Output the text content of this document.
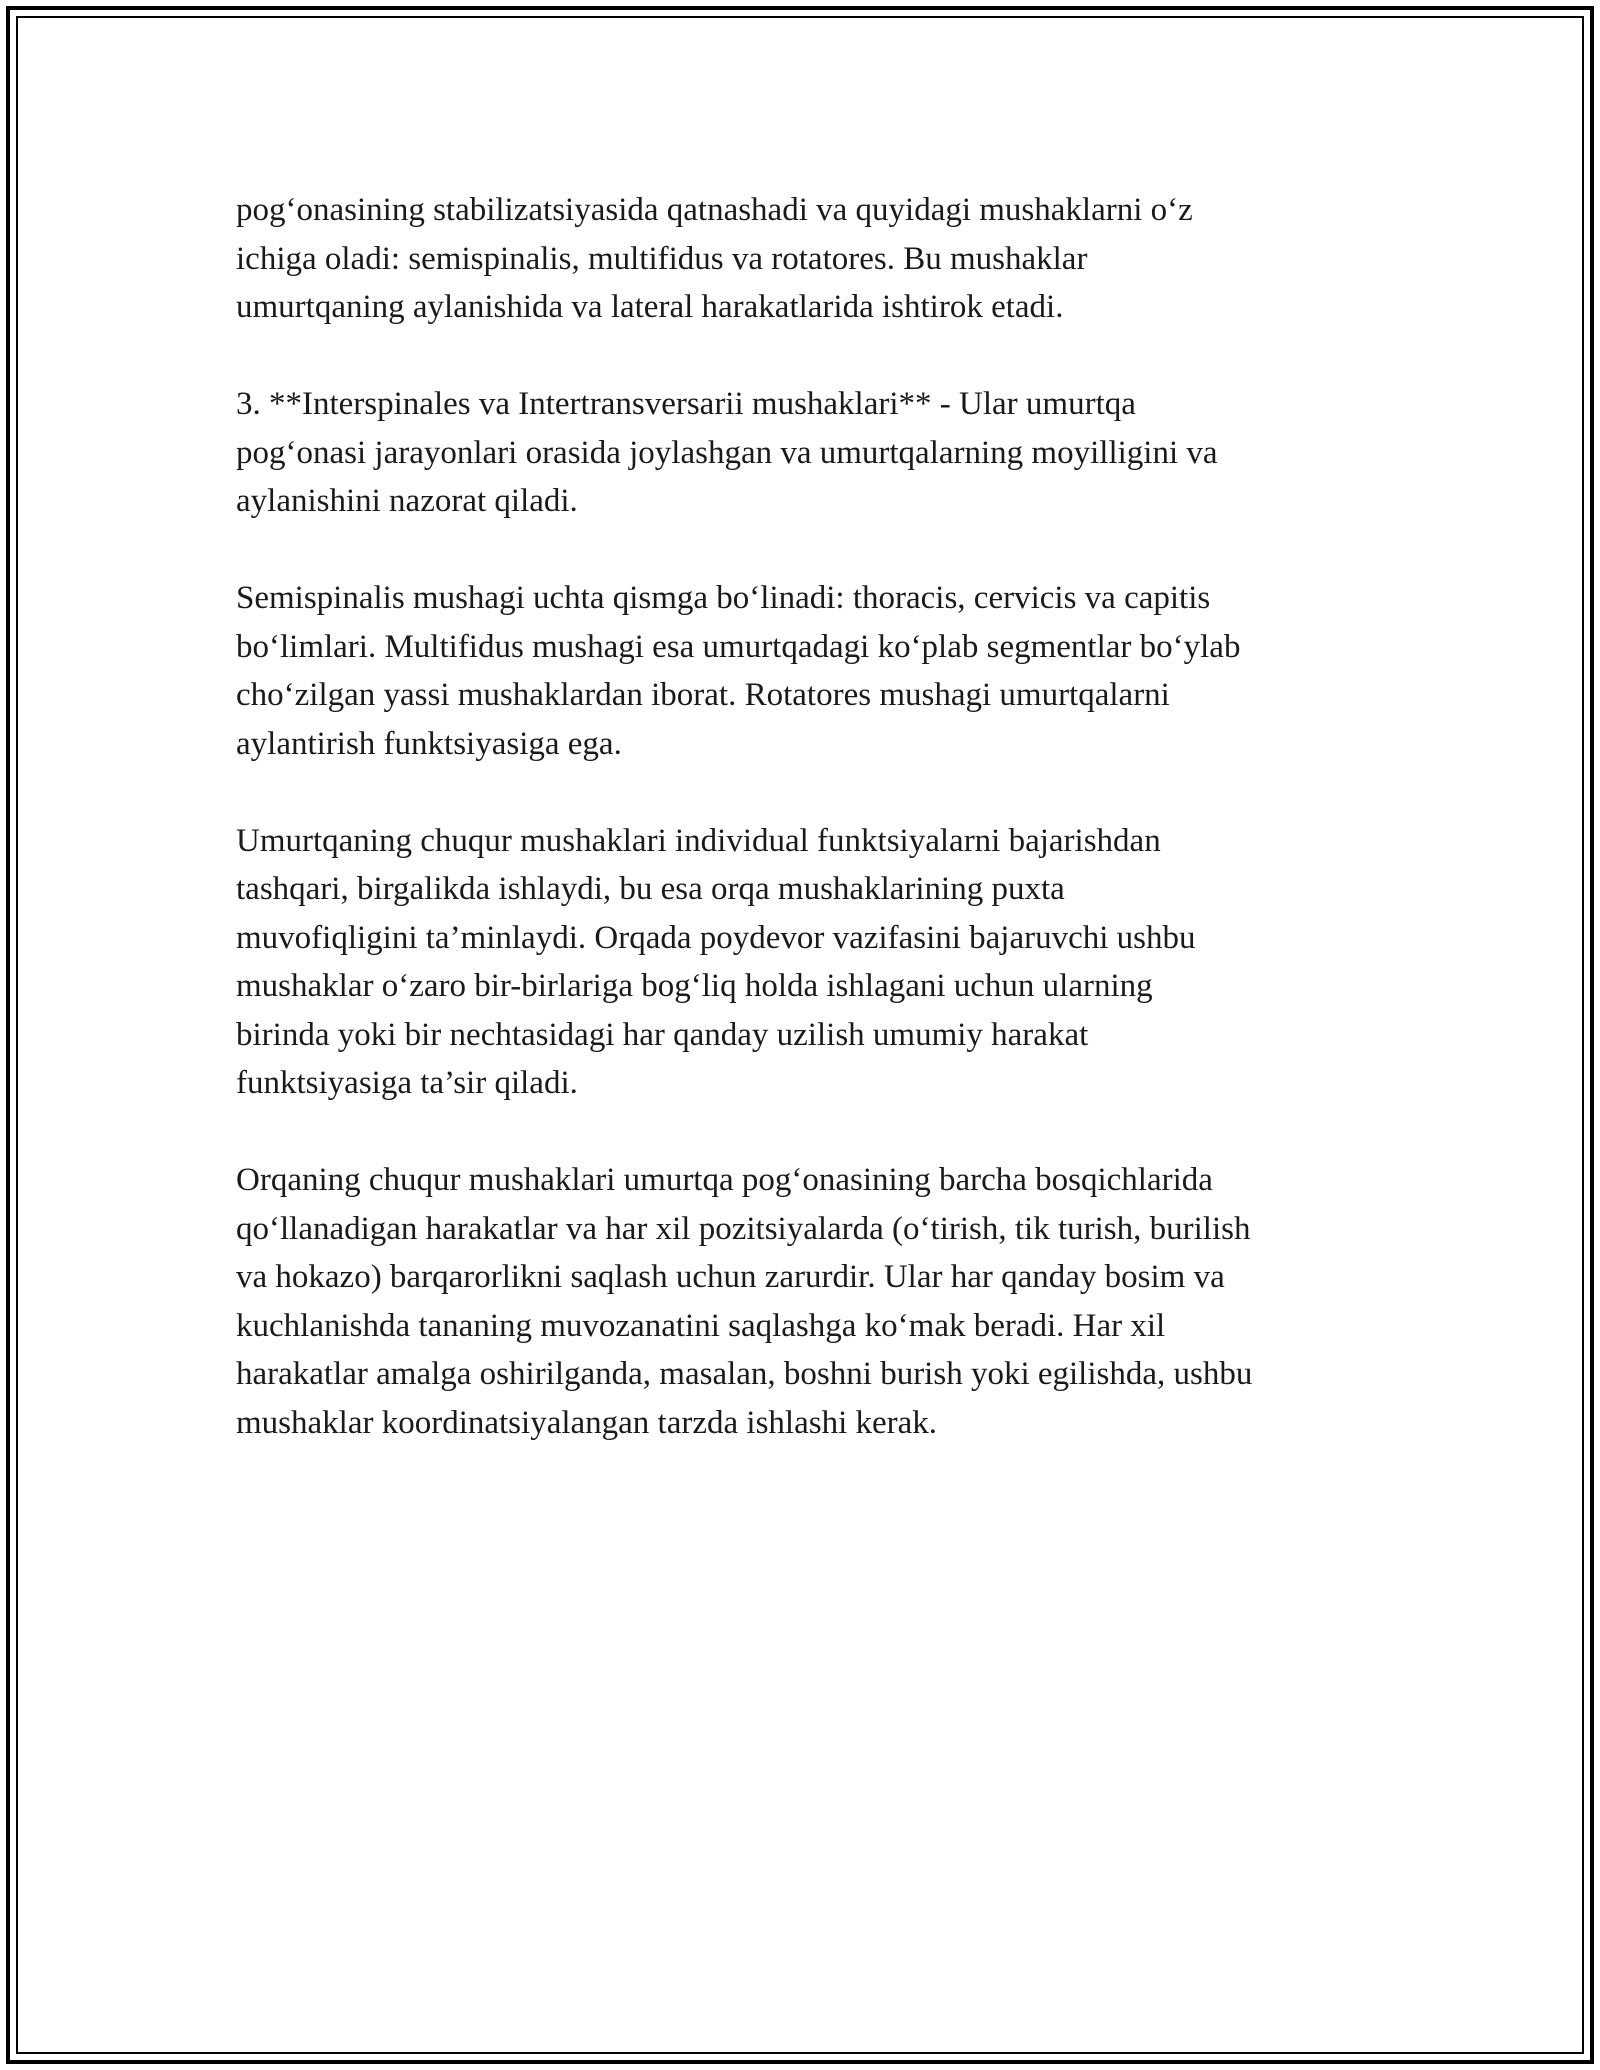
pog‘onasining stabilizatsiyasida qatnashadi va quyidagi mushaklarni o‘z
ichiga oladi: semispinalis, multifidus va rotatores. Bu mushaklar
umurtqaning aylanishida va lateral harakatlarida ishtirok etadi.

3. **Interspinales va Intertransversarii mushaklari** - Ular umurtqa
pog‘onasi jarayonlari orasida joylashgan va umurtqalarning moyilligini va
aylanishini nazorat qiladi.

Semispinalis mushagi uchta qismga bo‘linadi: thoracis, cervicis va capitis
bo‘limlari. Multifidus mushagi esa umurtqadagi ko‘plab segmentlar bo‘ylab
cho‘zilgan yassi mushaklardan iborat. Rotatores mushagi umurtqalarni
aylantirish funktsiyasiga ega.

Umurtqaning chuqur mushaklari individual funktsiyalarni bajarishdan
tashqari, birgalikda ishlaydi, bu esa orqa mushaklarining puxta
muvofiqligini ta’minlaydi. Orqada poydevor vazifasini bajaruvchi ushbu
mushaklar o‘zaro bir-birlariga bog‘liq holda ishlagani uchun ularning
birinda yoki bir nechtasidagi har qanday uzilish umumiy harakat
funktsiyasiga ta’sir qiladi.

Orqaning chuqur mushaklari umurtqa pog‘onasining barcha bosqichlarida
qo‘llanadigan harakatlar va har xil pozitsiyalarda (o‘tirish, tik turish, burilish
va hokazo) barqarorlikni saqlash uchun zarurdir. Ular har qanday bosim va
kuchlanishda tananing muvozanatini saqlashga ko‘mak beradi. Har xil
harakatlar amalga oshirilganda, masalan, boshni burish yoki egilishda, ushbu
mushaklar koordinatsiyalangan tarzda ishlashi kerak.
